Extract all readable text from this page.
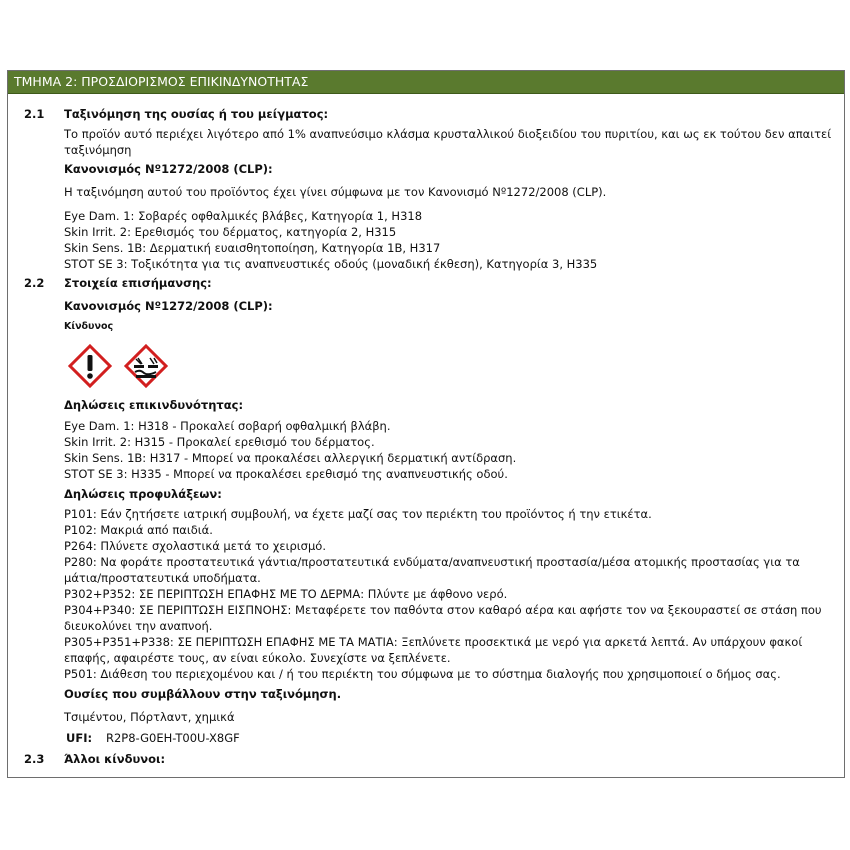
ΤΜΗΜΑ 2: ΠΡΟΣΔΙΟΡΙΣΜΟΣ ΕΠΙΚΙΝΔΥΝΟΤΗΤΑΣ
2.1 Ταξινόμηση της ουσίας ή του μείγματος:
Το προϊόν αυτό περιέχει λιγότερο από 1% αναπνεύσιμο κλάσμα κρυσταλλικού διοξειδίου του πυριτίου, και ως εκ τούτου δεν απαιτεί
ταξινόμηση
Κανονισμός Nº1272/2008 (CLP):
Η ταξινόμηση αυτού του προϊόντος έχει γίνει σύμφωνα με τον Κανονισμό Nº1272/2008 (CLP).
Eye Dam. 1: Σοβαρές οφθαλμικές βλάβες, Κατηγορία 1, H318
Skin Irrit. 2: Ερεθισμός του δέρματος, κατηγορία 2, H315
Skin Sens. 1B: Δερματική ευαισθητοποίηση, Κατηγορία 1B, H317
STOT SE 3: Τοξικότητα για τις αναπνευστικές οδούς (μοναδική έκθεση), Κατηγορία 3, H335
2.2 Στοιχεία επισήμανσης:
Κανονισμός Nº1272/2008 (CLP):
Κίνδυνος
Δηλώσεις επικινδυνότητας:
Eye Dam. 1: H318 - Προκαλεί σοβαρή οφθαλμική βλάβη.
Skin Irrit. 2: H315 - Προκαλεί ερεθισμό του δέρματος.
Skin Sens. 1B: H317 - Μπορεί να προκαλέσει αλλεργική δερματική αντίδραση.
STOT SE 3: H335 - Μπορεί να προκαλέσει ερεθισμό της αναπνευστικής οδού.
Δηλώσεις προφυλάξεων:
P101: Εάν ζητήσετε ιατρική συμβουλή, να έχετε μαζί σας τον περιέκτη του προϊόντος ή την ετικέτα.
P102: Μακριά από παιδιά.
P264: Πλύνετε σχολαστικά μετά το χειρισμό.
P280: Να φοράτε προστατευτικά γάντια/προστατευτικά ενδύματα/αναπνευστική προστασία/μέσα ατομικής προστασίας για τα
μάτια/προστατευτικά υποδήματα.
P302+P352: ΣΕ ΠΕΡΙΠΤΩΣΗ ΕΠΑΦΗΣ ΜΕ ΤΟ ΔΕΡΜΑ: Πλύντε με άφθονο νερό.
P304+P340: ΣΕ ΠΕΡΙΠΤΩΣΗ ΕΙΣΠΝΟΗΣ: Μεταφέρετε τον παθόντα στον καθαρό αέρα και αφήστε τον να ξεκουραστεί σε στάση που
διευκολύνει την αναπνοή.
P305+P351+P338: ΣΕ ΠΕΡΙΠΤΩΣΗ ΕΠΑΦΗΣ ΜΕ ΤΑ ΜΑΤΙΑ: Ξεπλύνετε προσεκτικά με νερό για αρκετά λεπτά. Αν υπάρχουν φακοί
επαφής, αφαιρέστε τους, αν είναι εύκολο. Συνεχίστε να ξεπλένετε.
P501: Διάθεση του περιεχομένου και / ή του περιέκτη του σύμφωνα με το σύστημα διαλογής που χρησιμοποιεί ο δήμος σας.
Ουσίες που συμβάλλουν στην ταξινόμηση.
Τσιμέντου, Πόρτλαντ, χημικά
UFI: R2P8-G0EH-T00U-X8GF
2.3 Άλλοι κίνδυνοι:
